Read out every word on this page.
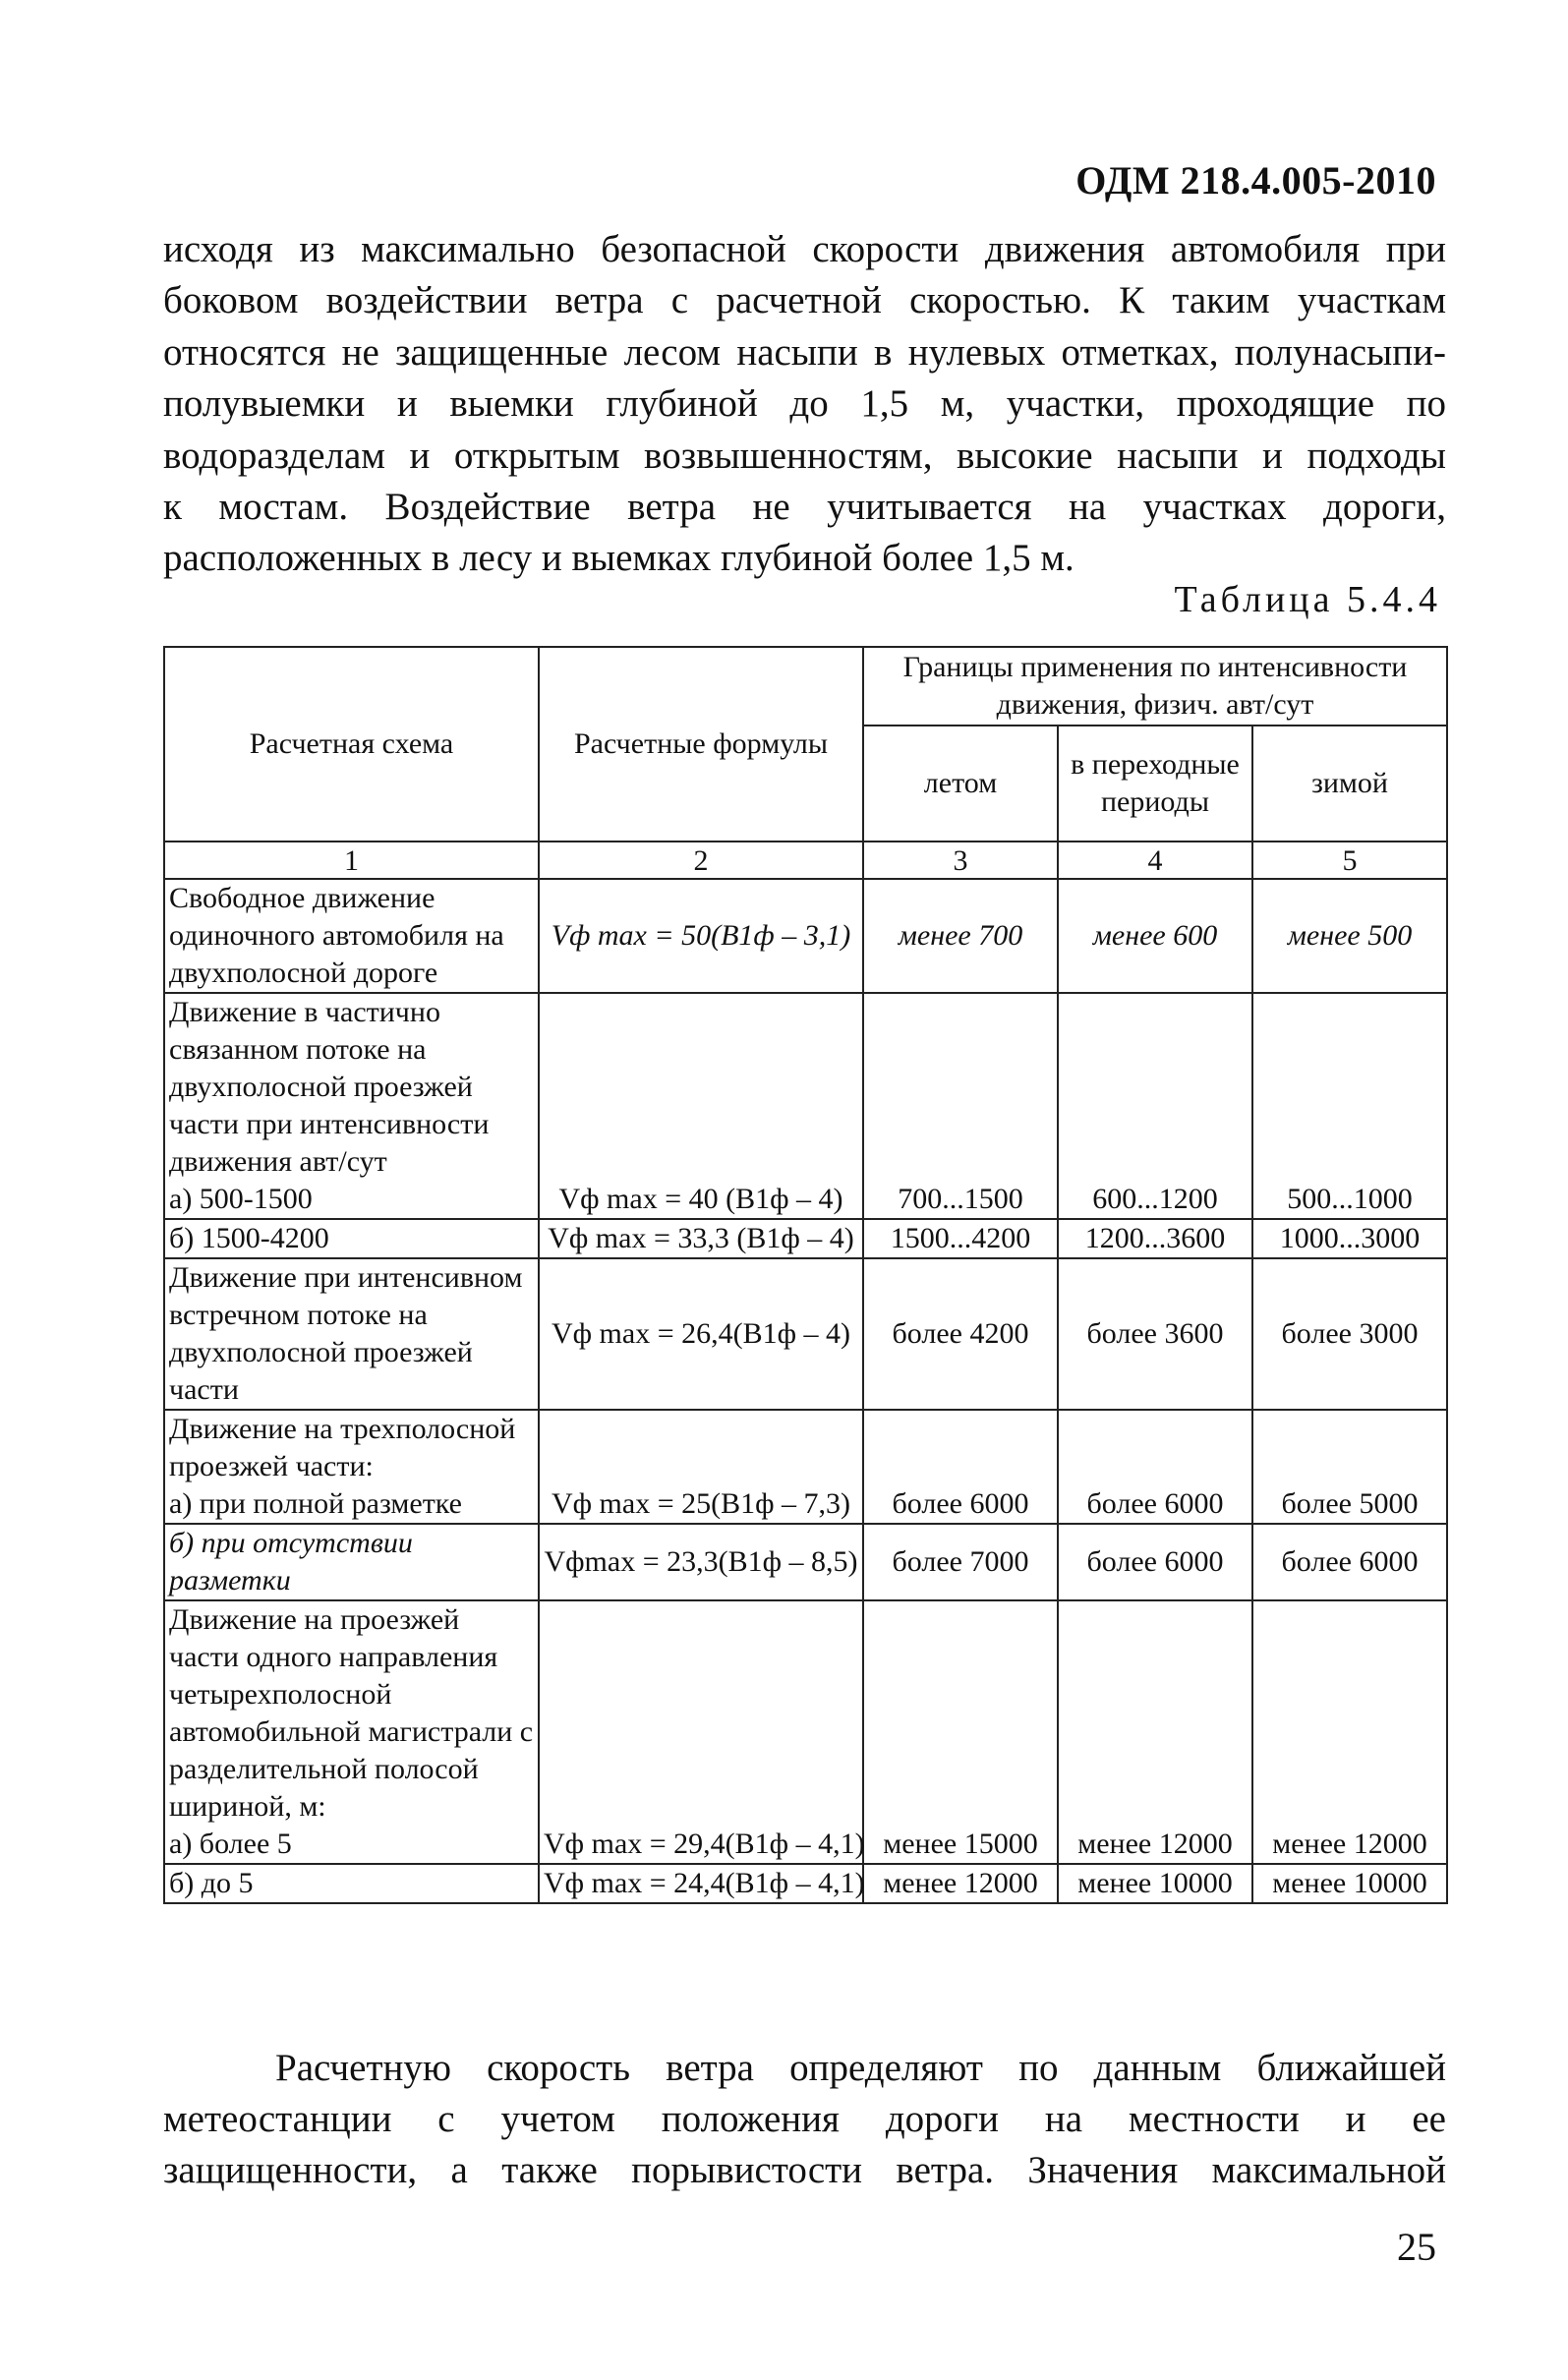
ОДМ 218.4.005-2010
исходя из максимально безопасной скорости движения автомобиля при
боковом воздействии ветра с расчетной скоростью. К таким участкам
относятся не защищенные лесом насыпи в нулевых отметках, полунасыпи-
полувыемки и выемки глубиной до 1,5 м, участки, проходящие по
водоразделам и открытым возвышенностям, высокие насыпи и подходы
к мостам. Воздействие ветра не учитывается на участках дороги,
расположенных в лесу и выемках глубиной более 1,5 м.
Таблица 5.4.4
Расчетная схема	Расчетные формулы	Границы применения по интенсивности движения, физич. авт/сут		
		летом	в переходные периоды	зимой
1	2	3	4	5
Свободное движение одиночного автомобиля на двухполосной дороге	Vф max = 50(B1ф – 3,1)	менее 700	менее 600	менее 500

Движение в частично связанном потоке на двухполосной проезжей части при интенсивности движения авт/сут
а) 500-1500	Vф max = 40 (B1ф – 4)	700...1500	600...1200	500...1000
б) 1500-4200	Vф max = 33,3 (B1ф – 4)	1500...4200	1200...3600	1000...3000
Движение при интенсивном встречном потоке на двухполосной проезжей части	Vф max = 26,4(B1ф – 4)	более 4200	более 3600	более 3000

Движение на трехполосной проезжей части:
а) при полной разметке	Vф max = 25(B1ф – 7,3)	более 6000	более 6000	более 5000
б) при отсутствии разметки	Vфmax = 23,3(B1ф – 8,5)	более 7000	более 6000	более 6000

Движение на проезжей части одного направления четырехполосной автомобильной магистрали с разделительной полосой шириной, м:
а) более 5	Vф max = 29,4(B1ф – 4,1)	менее 15000	менее 12000	менее 12000
б) до 5	Vф max = 24,4(B1ф – 4,1)	менее 12000	менее 10000	менее 10000
Расчетную скорость ветра определяют по данным ближайшей
метеостанции с учетом положения дороги на местности и ее
защищенности, а также порывистости ветра. Значения максимальной
25
